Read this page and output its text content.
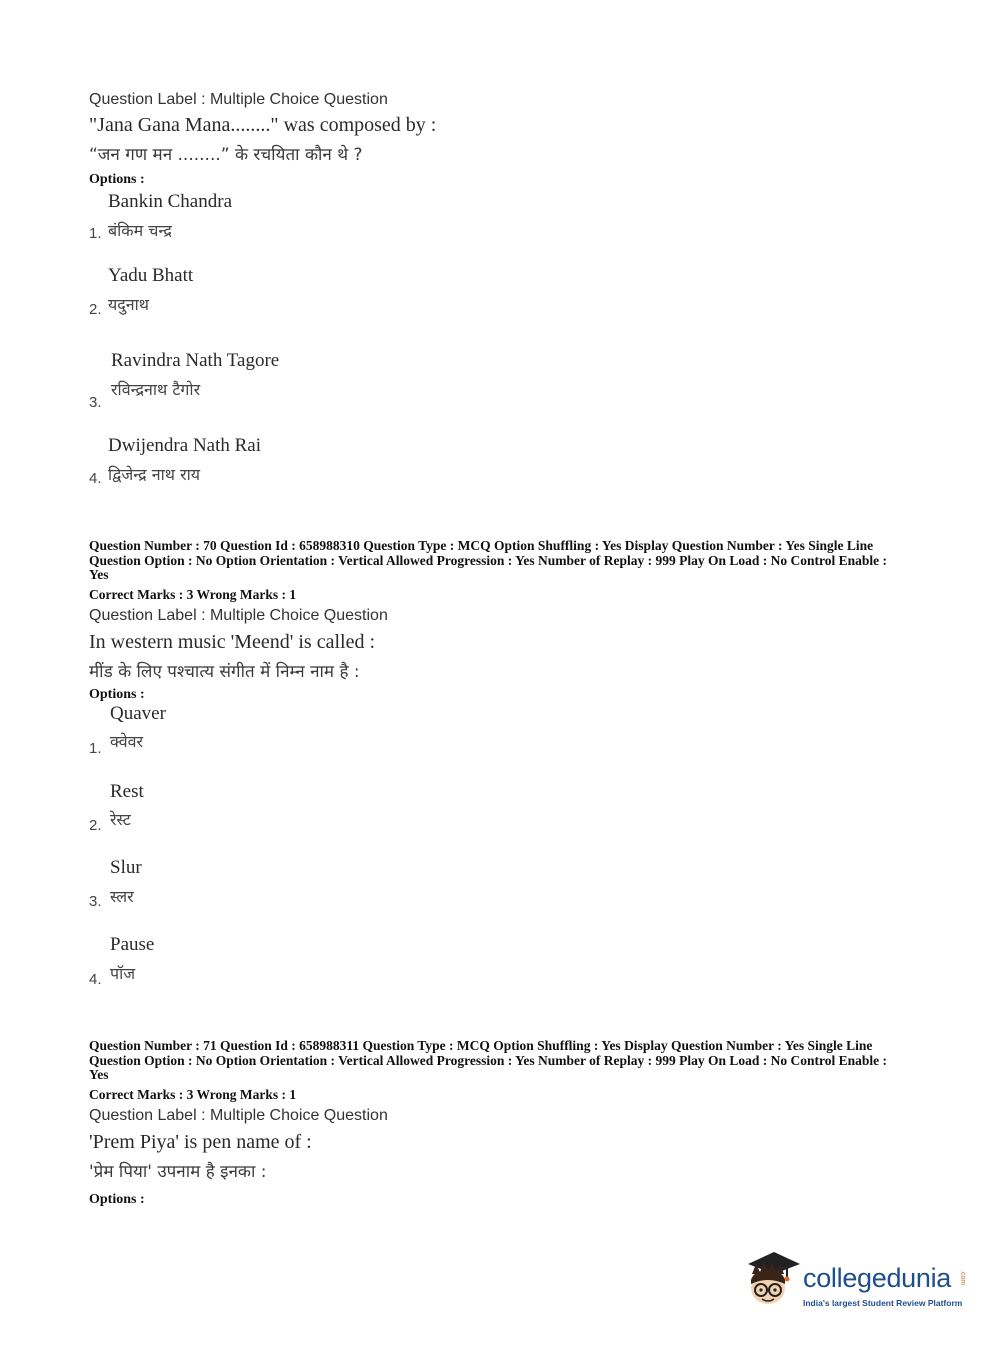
Question Label : Multiple Choice Question
"Jana Gana Mana........" was composed by :
“जन गण मन ........” के रचयिता कौन थे ?
Options :
Bankin Chandra
1. बंकिम चन्द्र
Yadu Bhatt
2. यदुनाथ
Ravindra Nath Tagore
रविन्द्रनाथ टैगोर
3.
Dwijendra Nath Rai
4. द्विजेन्द्र नाथ राय
Question Number : 70 Question Id : 658988310 Question Type : MCQ Option Shuffling : Yes Display Question Number : Yes Single Line Question Option : No Option Orientation : Vertical Allowed Progression : Yes Number of Replay : 999 Play On Load : No Control Enable : Yes
Correct Marks : 3 Wrong Marks : 1
Question Label : Multiple Choice Question
In western music 'Meend' is called :
मींड के लिए पश्चात्य संगीत में निम्न नाम है :
Options :
Quaver
क्वेवर
1.
Rest
रेस्ट
2.
Slur
स्लर
3.
Pause
पॉज
4.
Question Number : 71 Question Id : 658988311 Question Type : MCQ Option Shuffling : Yes Display Question Number : Yes Single Line Question Option : No Option Orientation : Vertical Allowed Progression : Yes Number of Replay : 999 Play On Load : No Control Enable : Yes
Correct Marks : 3 Wrong Marks : 1
Question Label : Multiple Choice Question
'Prem Piya' is pen name of :
'प्रेम पिया' उपनाम है इनका :
Options :
collegedunia .com
India's largest Student Review Platform
